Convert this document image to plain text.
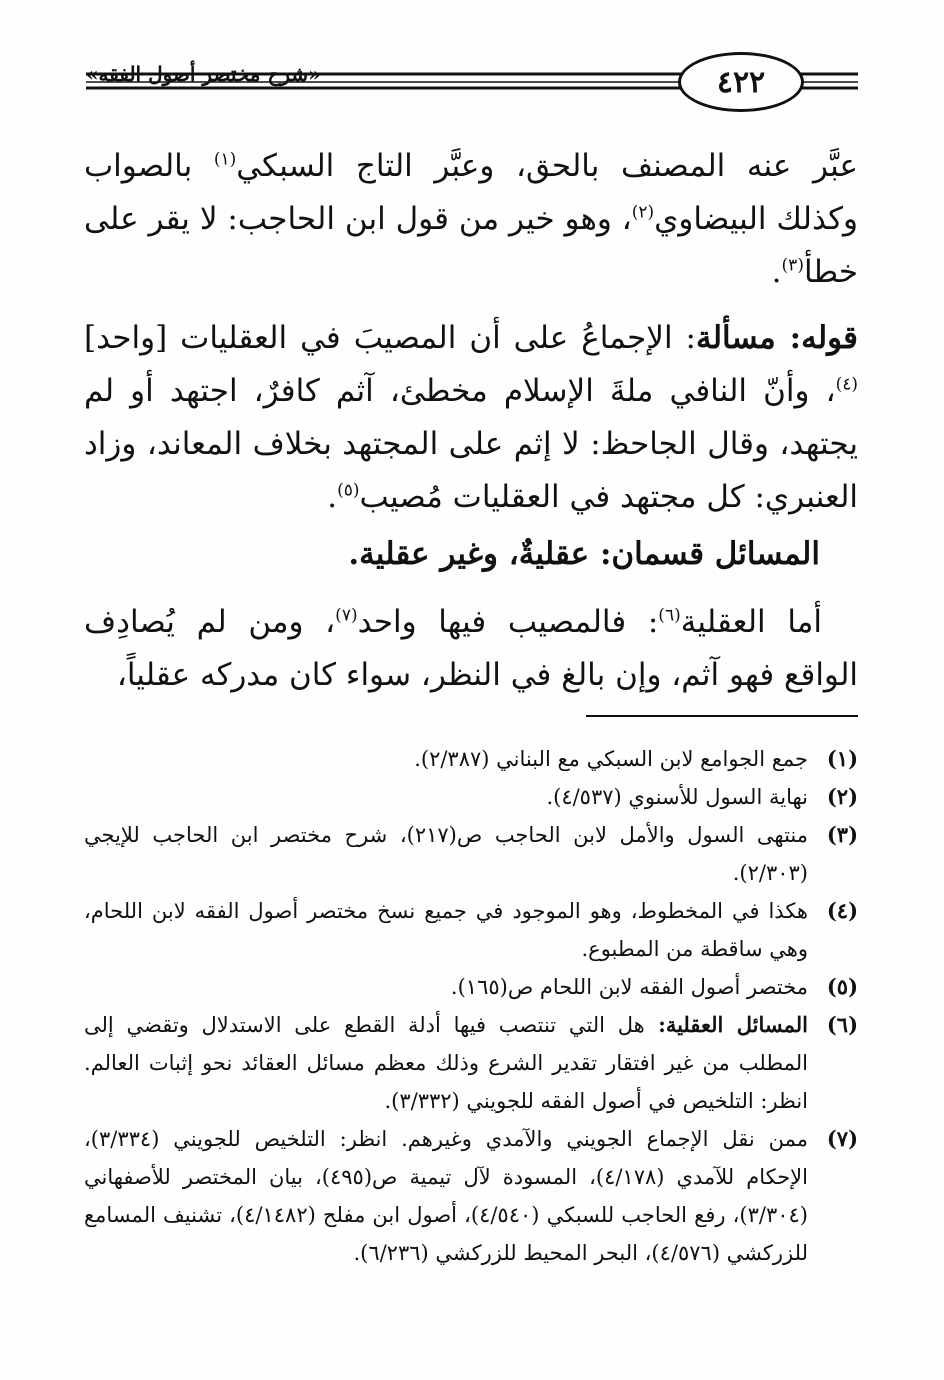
«شرح مختصر أصول الفقه»	٤٢٢
عبَّر عنه المصنف بالحق، وعبَّر التاج السبكي$^{(١)}$ بالصواب وكذلك البيضاوي$^{(٢)}$، وهو خير من قول ابن الحاجب: لا يقر على خطأ$^{(٣)}$.
قوله: مسألة: الإجماعُ على أن المصيبَ في العقليات [واحد]$^{(٤)}$، وأنّ النافي ملةَ الإسلام مخطئ، آثم كافرٌ، اجتهد أو لم يجتهد، وقال الجاحظ: لا إثم على المجتهد بخلاف المعاند، وزاد العنبري: كل مجتهد في العقليات مُصيب$^{(٥)}$.
المسائل قسمان: عقليةٌ، وغير عقلية.
أما العقلية$^{(٦)}$: فالمصيب فيها واحد$^{(٧)}$، ومن لم يُصادِف الواقع فهو آثم، وإن بالغ في النظر، سواء كان مدركه عقلياً،
(١)
جمع الجوامع لابن السبكي مع البناني (٢/٣٨٧).
(٢)
نهاية السول للأسنوي (٤/٥٣٧).
(٣)
منتهى السول والأمل لابن الحاجب ص(٢١٧)، شرح مختصر ابن الحاجب للإيجي (٢/٣٠٣).
(٤)
هكذا في المخطوط، وهو الموجود في جميع نسخ مختصر أصول الفقه لابن اللحام، وهي ساقطة من المطبوع.
(٥)
مختصر أصول الفقه لابن اللحام ص(١٦٥).
(٦)
المسائل العقلية: هل التي تنتصب فيها أدلة القطع على الاستدلال وتقضي إلى المطلب من غير افتقار تقدير الشرع وذلك معظم مسائل العقائد نحو إثبات العالم. انظر: التلخيص في أصول الفقه للجويني (٣/٣٣٢).
(٧)
ممن نقل الإجماع الجويني والآمدي وغيرهم. انظر: التلخيص للجويني (٣/٣٣٤)، الإحكام للآمدي (٤/١٧٨)، المسودة لآل تيمية ص(٤٩٥)، بيان المختصر للأصفهاني (٣/٣٠٤)، رفع الحاجب للسبكي (٤/٥٤٠)، أصول ابن مفلح (٤/١٤٨٢)، تشنيف المسامع للزركشي (٤/٥٧٦)، البحر المحيط للزركشي (٦/٢٣٦).
